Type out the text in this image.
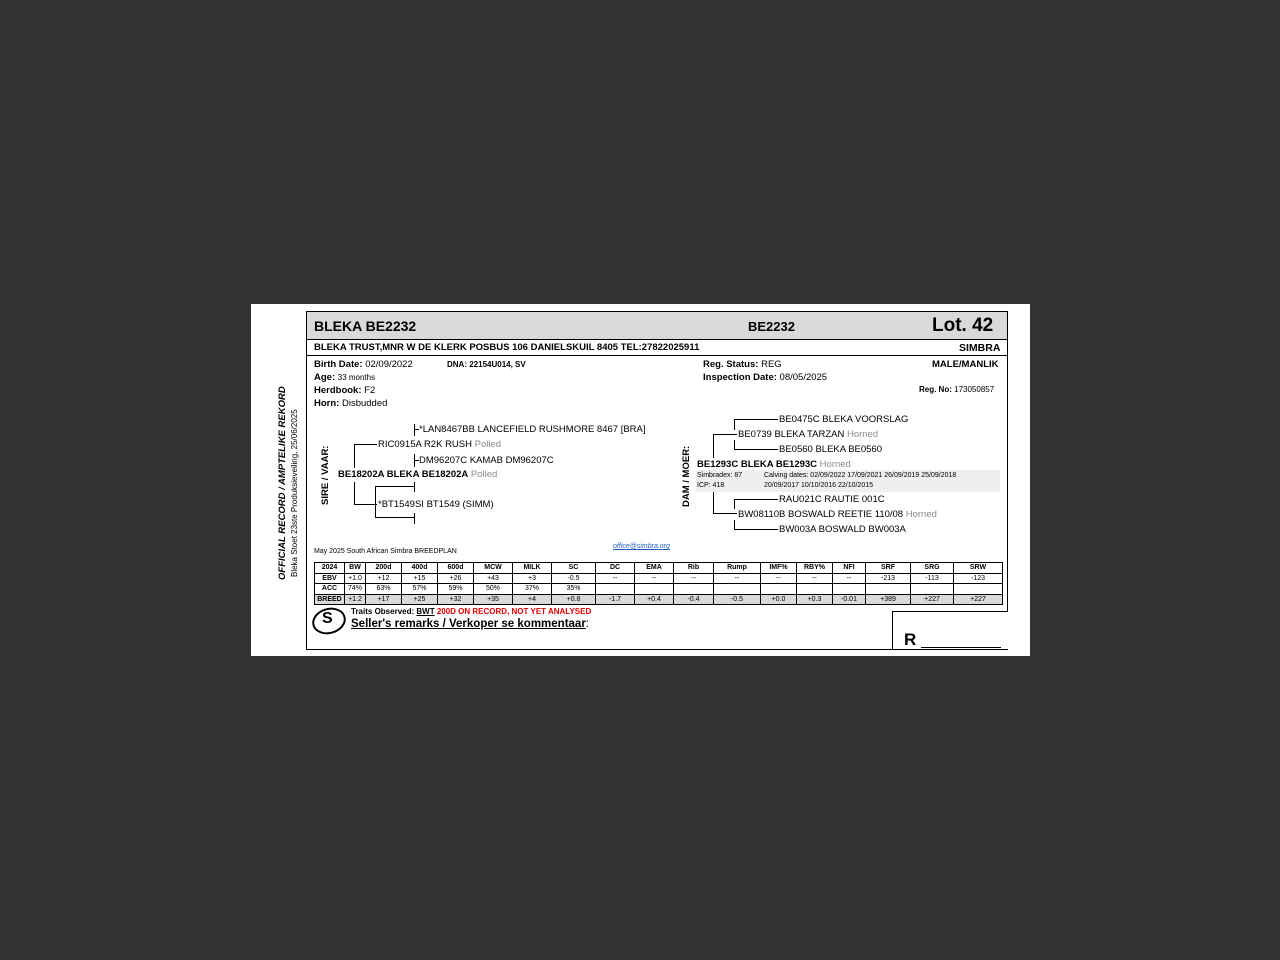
OFFICIAL RECORD / AMPTELIKE REKORD Bleka Stoet 23ste Produksieveiling, 25/06/2025
BLEKA BE2232	BE2232	Lot. 42
BLEKA TRUST,MNR W DE KLERK POSBUS 106 DANIELSKUIL 8405 TEL:27822025911	SIMBRA
Birth Date: 02/09/2022	DNA: 22154U014, SV
Age: 33 months
Herdbook: F2
Horn: Disbudded
Reg. Status: REG
Inspection Date: 08/05/2025
MALE/MANLIK
Reg. No: 173050857
SIRE / VAAR:
*LAN8467BB LANCEFIELD RUSHMORE 8467 [BRA]
RIC0915A R2K RUSH Polled
DM96207C KAMAB DM96207C
BE18202A BLEKA BE18202A Polled
*BT1549SI BT1549 (SIMM)	DAM / MOER:
BE0475C BLEKA VOORSLAG
BE0739 BLEKA TARZAN Horned
BE0560 BLEKA BE0560
BE1293C BLEKA BE1293C Horned
Simbradex: 87
ICP: 418
Calving dates: 02/09/2022 17/09/2021 26/09/2019 25/09/2018
20/09/2017 10/10/2016 22/10/2015
RAU021C RAUTIE 001C
BW08110B BOSWALD REETIE 110/08 Horned
BW003A BOSWALD BW003A
May 2025 South African Simbra BREEDPLAN
office@simbra.org
2024	BW	200d	400d	600d	MCW	MILK	SC	DC	EMA	Rib	Rump	IMF%	RBY%	NFI	SRF	SRG	SRW
EBV	+1.0	+12	+15	+26	+43	+3	-0.5	--	--	--	--	--	--	--	-213	-113	-123
ACC	74%	63%	57%	59%	50%	37%	35%										
BREED	+1.2	+17	+25	+32	+35	+4	+0.8	-1.7	+0.4	-0.4	-0.5	+0.0	+0.3	-0.01	+389	+227	+227
S Traits Observed: BWT 200D ON RECORD, NOT YET ANALYSED
Seller's remarks / Verkoper se kommentaar:
R
